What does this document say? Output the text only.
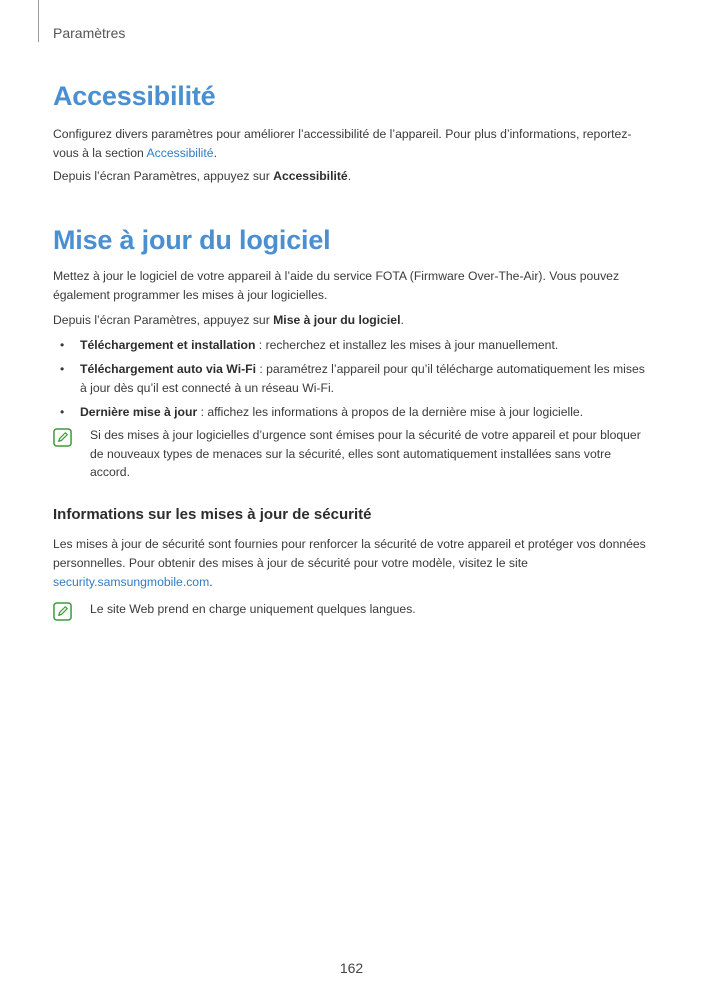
Paramètres
Accessibilité

Configurez divers paramètres pour améliorer l’accessibilité de l’appareil. Pour plus d’informations, reportez-vous à la section Accessibilité.

Depuis l’écran Paramètres, appuyez sur Accessibilité.

Mise à jour du logiciel

Mettez à jour le logiciel de votre appareil à l’aide du service FOTA (Firmware Over-The-Air). Vous pouvez également programmer les mises à jour logicielles.

Depuis l’écran Paramètres, appuyez sur Mise à jour du logiciel.

• Téléchargement et installation : recherchez et installez les mises à jour manuellement.
• Téléchargement auto via Wi-Fi : paramétrez l’appareil pour qu’il télécharge automatiquement les mises à jour dès qu’il est connecté à un réseau Wi-Fi.
• Dernière mise à jour : affichez les informations à propos de la dernière mise à jour logicielle.
Si des mises à jour logicielles d’urgence sont émises pour la sécurité de votre appareil et pour bloquer de nouveaux types de menaces sur la sécurité, elles sont automatiquement installées sans votre accord.
Informations sur les mises à jour de sécurité

Les mises à jour de sécurité sont fournies pour renforcer la sécurité de votre appareil et protéger vos données personnelles. Pour obtenir des mises à jour de sécurité pour votre modèle, visitez le site security.samsungmobile.com.

Le site Web prend en charge uniquement quelques langues.
162
